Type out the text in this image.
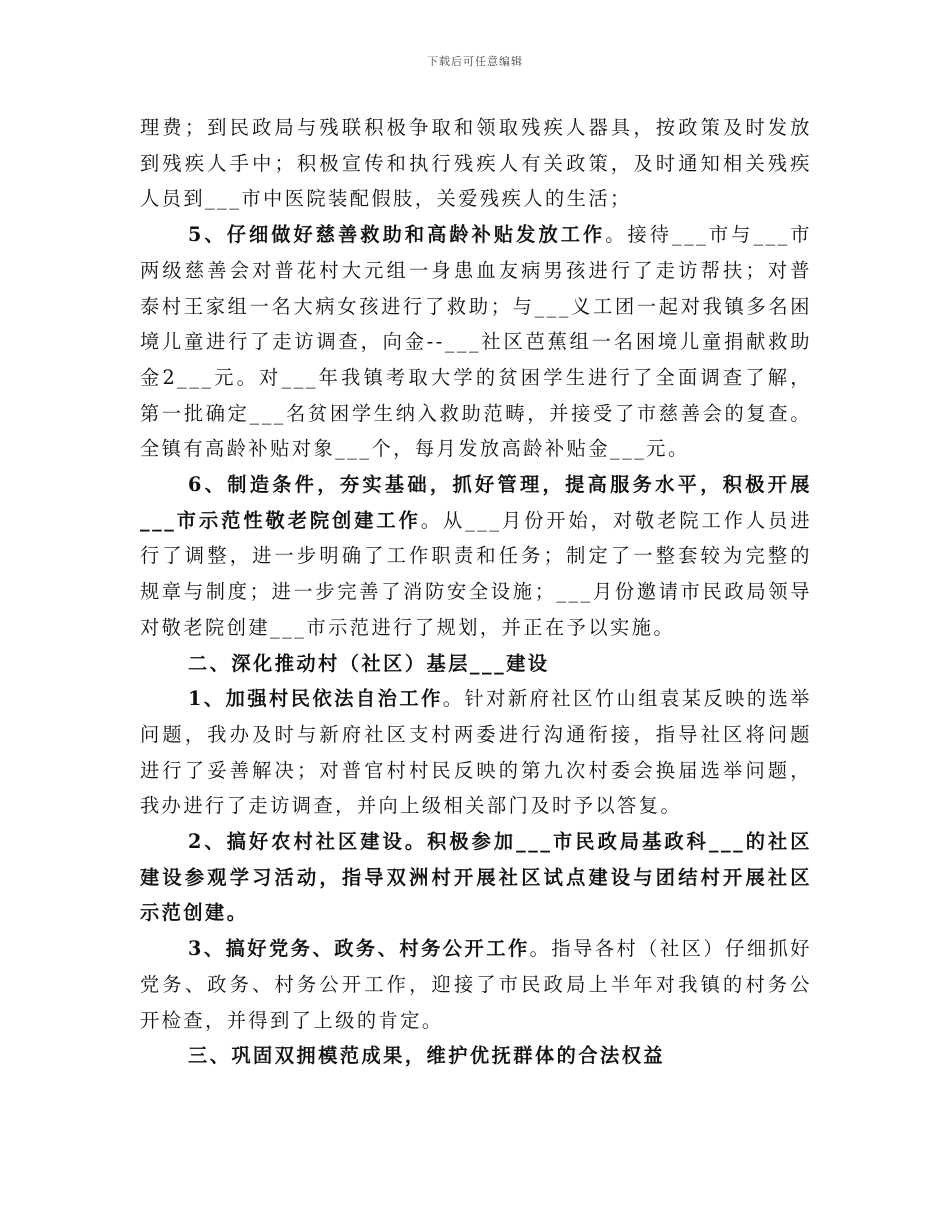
下载后可任意编辑

理费；到民政局与残联积极争取和领取残疾人器具，按政策及时发放到残疾人手中；积极宣传和执行残疾人有关政策，及时通知相关残疾人员到___市中医院装配假肢，关爱残疾人的生活；

5、仔细做好慈善救助和高龄补贴发放工作。接待___市与___市两级慈善会对普花村大元组一身患血友病男孩进行了走访帮扶；对普泰村王家组一名大病女孩进行了救助；与___义工团一起对我镇多名困境儿童进行了走访调查，向金--___社区芭蕉组一名困境儿童捐献救助金2___元。对___年我镇考取大学的贫困学生进行了全面调查了解，第一批确定___名贫困学生纳入救助范畴，并接受了市慈善会的复查。全镇有高龄补贴对象___个，每月发放高龄补贴金___元。

6、制造条件，夯实基础，抓好管理，提高服务水平，积极开展___市示范性敬老院创建工作。从___月份开始，对敬老院工作人员进行了调整，进一步明确了工作职责和任务；制定了一整套较为完整的规章与制度；进一步完善了消防安全设施；___月份邀请市民政局领导对敬老院创建___市示范进行了规划，并正在予以实施。

二、深化推动村（社区）基层___建设

1、加强村民依法自治工作。针对新府社区竹山组袁某反映的选举问题，我办及时与新府社区支村两委进行沟通衔接，指导社区将问题进行了妥善解决；对普官村村民反映的第九次村委会换届选举问题，我办进行了走访调查，并向上级相关部门及时予以答复。

2、搞好农村社区建设。积极参加___市民政局基政科___的社区建设参观学习活动，指导双洲村开展社区试点建设与团结村开展社区示范创建。

3、搞好党务、政务、村务公开工作。指导各村（社区）仔细抓好党务、政务、村务公开工作，迎接了市民政局上半年对我镇的村务公开检查，并得到了上级的肯定。

三、巩固双拥模范成果，维护优抚群体的合法权益
